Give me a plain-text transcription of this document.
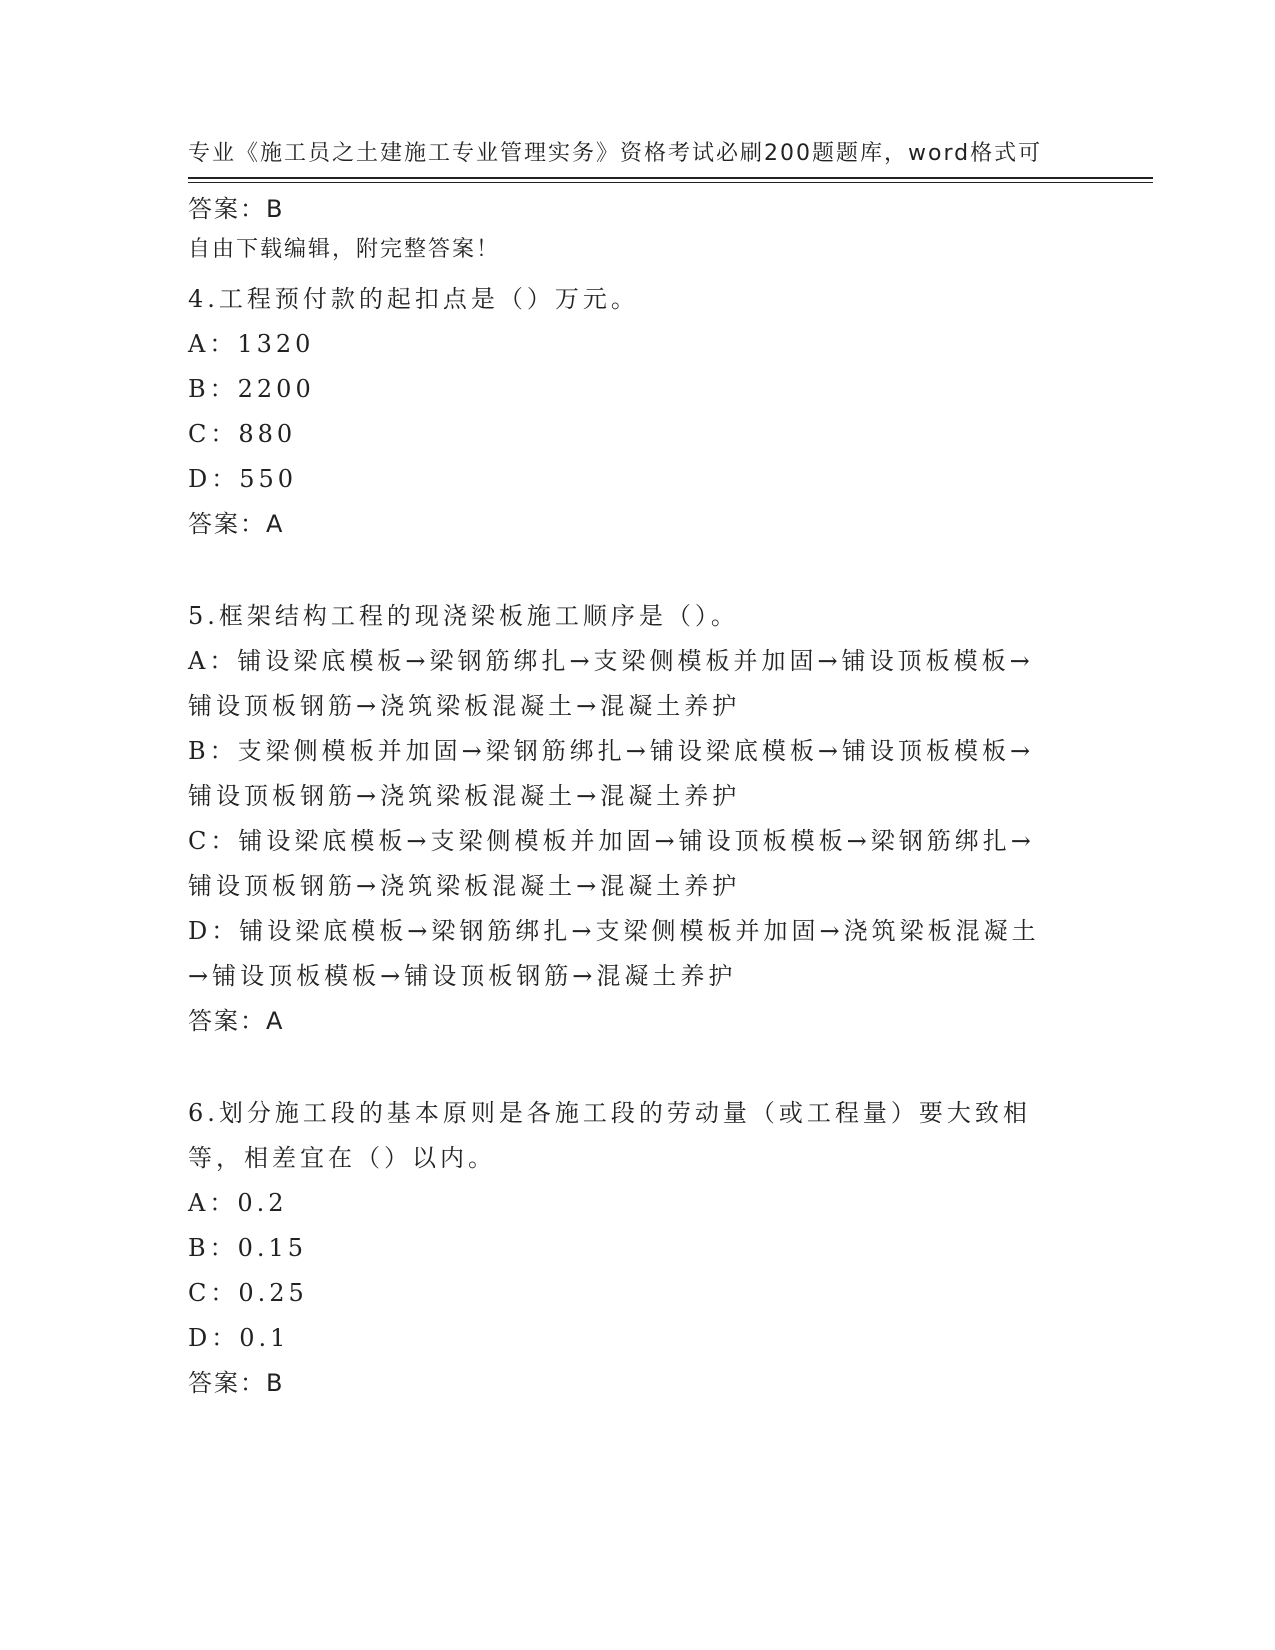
专业《施工员之土建施工专业管理实务》资格考试必刷200题题库，word格式可

自由下载编辑，附完整答案！

答案：B
4.工程预付款的起扣点是（）万元。
A：1320
B：2200
C：880
D：550
答案：A
5.框架结构工程的现浇梁板施工顺序是（）。
A：铺设梁底模板→梁钢筋绑扎→支梁侧模板并加固→铺设顶板模板→
铺设顶板钢筋→浇筑梁板混凝土→混凝土养护
B：支梁侧模板并加固→梁钢筋绑扎→铺设梁底模板→铺设顶板模板→
铺设顶板钢筋→浇筑梁板混凝土→混凝土养护
C：铺设梁底模板→支梁侧模板并加固→铺设顶板模板→梁钢筋绑扎→
铺设顶板钢筋→浇筑梁板混凝土→混凝土养护
D：铺设梁底模板→梁钢筋绑扎→支梁侧模板并加固→浇筑梁板混凝土
→铺设顶板模板→铺设顶板钢筋→混凝土养护
答案：A
6.划分施工段的基本原则是各施工段的劳动量（或工程量）要大致相
等，相差宜在（）以内。
A：0.2
B：0.15
C：0.25
D：0.1
答案：B
